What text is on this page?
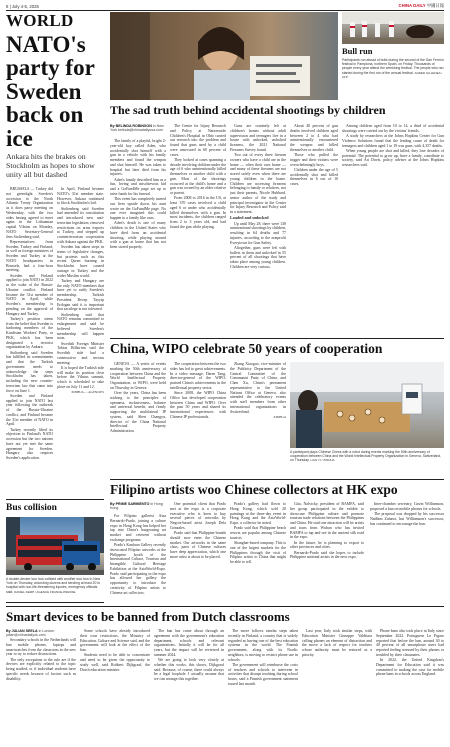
8 | July 4-5, 2025	CHINA DAILY 中國日報
WORLD
NATO's party for Sweden back on ice
Ankara hits the brakes on Stockholm as hopes to show unity all but dashed

BRUSSELS — Turkey did not greenlight Sweden's accession to the North Atlantic Treaty Organization as it does party meeting on Wednesday, with the two sides having agreed to meet again in the Lithuanian capital Vilnius on Monday, NATO Secretary-General Jens Stoltenberg said.

Representatives from Sweden, Turkey and Finland, as well as foreign ministers of Sweden and Turkey at the NATO headquarters in Brussels, had a four-hour meeting.

Sweden and Finland applied to join NATO in 2022 in the wake of the Russia-Ukraine conflict. Finland became the 31st member of NATO in April, while Sweden's membership is pending on the approval of Hungary and Turkey.

Turkey's position stems from the belief that Sweden is harboring members of the Kurdistan Workers' Party, or PKK, which has been designated a terrorist organization by Ankara.

Stoltenberg said Sweden has fulfilled its commitments and that the Turkish government needs to acknowledge the steps Stockholm has taken, including the new counter-terrorism law that came into force on June 1.

Sweden and Finland applied to join NATO last year following the outbreak of the Russia-Ukraine conflict, and Finland became the 31st member of NATO in April.

Turkey recently lifted its objection to Finland's NATO accession but the two nations have not yet met the same agreement for Sweden. Hungary also requires Sweden's application.

In April, Finland became NATO's 31st member state. However, Ankara continued to block Stockholm's bid.

Stoltenberg said Sweden had amended its constitution and introduced new anti-terrorism legislation, removed restrictions on arms exports to Turkey, and stepped up counterterrorism cooperation with Ankara against the PKK.

Sweden has taken steps in terms of legislative changes, but protests such as this recent Quran burning in Stockholm have caused outrage in Turkey and the wider Muslim world.

Turkey and Hungary are the only NATO members that have yet to ratify Sweden's membership. Turkish President Recep Tayyip Erdogan said it is important that sacrilege is not tolerated.

Stoltenberg said that NATO remains committed to enlargement and said he believed Sweden's membership will happen soon.

Swedish Foreign Minister Tobias Billström said the Swedish side had a constructive and serious meeting.

It is hoped the Turkish side will make its position clear before the Vilnius summit, which is scheduled to take place on July 11 and 12.

XINHUA — AGENCIES

Bus collision
A double-decker tour bus collided with another tour bus in New York on Thursday, wounding dozens and sending at least 20 to hospital with non-life-threatening injuries, emergency officials said. DANIEL KEMP / AGENCE FRANCE-PRESSE
Bull run
Participants run ahead of bulls during the second of the San Fermín festival in Pamplona, northern Spain, on Friday. Thousands of people every year attend the weeklong festival. The people who ran started during the first run of the annual festival. ANDER GILLENEA / AFP
The sad truth behind accidental shootings by children
By BELINDA ROBINSON in New York belinda@chinadailyusa.com

The family of a playful, bright 2-year-old boy called Aden, who accidentally shot himself with a gun in a vehicle with his family members and found the weapon and shot himself. He was taken to hospital but later died from his injuries.

Aden's family described him as a fun, loving and mischievous kid and a GoFundMe page set up to raise funds for his funeral.

This event has completely turned our lives upside down, his aunt wrote on the GoFundMe page. No one ever imagined this could happen to a family like ours.

Aden's death is one of many children in the United States who have died from an accidental shooting, while playing around with a gun at home that has not been stored properly.

The Centre for Injury Research and Policy at Nationwide Children's Hospital in Ohio carried out research into the problem and found that guns used by a child were unsecured in 60 percent of cases.

They looked at cases spanning a decade involving children under the age of 6 who unintentionally killed themselves or another child with a gun. Most of the shootings occurred at the child's home and a gun was owned by an older relative or parent.

From 2008 to 2016 in the US, at least 370 cases involved a child aged 6 or under who accidentally killed themselves with a gun. In most incidents, the children ranged from 2 to 3 years old, and had found the gun while playing.

Guns are routinely left at children's homes without adult supervision and teenagers live in a house with unlocked, unlocked firearms, the 2021 National Firearms Survey found.

Two out of every three firearm owners who have a child are in the home — often their own home — and many of these firearms are not stored safely even when there are young children in the home. Children are accessing firearms belonging to family or relatives, not just their parents, Nicole Hubbard, senior author of the study and principal investigator in the Center for Injury Research and Policy said in a statement.

Loaded and unlocked

Up until May 28, there were 138 unintentional shootings by children, resulting in 64 deaths and 77 injuries, according to the nonprofit Everytown for Gun Safety.

Altogether, guns were left with bullets in them and unlocked in 55 percent of all shootings that have taken place among young children. Children are very curious.

About 40 percent of gun deaths involved children aged between 2 to 4 who had unintentionally encountered the weapon and killed themselves or another child.

Those who pulled the trigger and their victims were overwhelmingly boys.

Children under the age of 5 accidentally shot and killed themselves in 6 out of 10 cases.

Among children aged from 10 to 14, a third of accidental shootings were carried out by the victims' friends.

A study by researchers at the Johns Hopkins Center for Gun Violence Solutions found that the leading cause of death for teenagers and children aged 1 to 19 was guns, with 4,357 deaths.

When young people are shot and killed, they lose decades of potential. The potential to grow up, have a family, contribute to society, said Ari Davis, policy adviser at the Johns Hopkins researchers said.

China, WIPO celebrate 50 years of cooperation

GENEVA — A series of events marking the 50th anniversary of cooperation between China and the World Intellectual Property Organization, or WIPO, were held on Thursday in Geneva.

Over the years, China has been sticking to the principles of openness, inclusiveness, balance and universal benefit, and firmly supporting the multilateral IP system, said Shen Changyu, director of the China National Intellectual Property Administration.

The cooperation between the two sides has led to great achievements. In a video message, Daren Tang, director-general of the WIPO, praised China's achievements in the intellectual property sector.

Since 2008, the WIPO China Office has developed cooperation between China and WIPO. Over the past 50 years and shared its international experiences with Chinese IP professionals.

Zhang Xiaoguo, vice-minister of the Publicity Department of the Central Committee of the Communist Party of China, and Chen Xu, China's permanent representative to the United Nations Office at Geneva, also attended the celebratory events with staff members from other international organizations in Switzerland.

XINHUA

A participant plays Chinese Chess with a robot during events marking the 50th anniversary of cooperation between China and the World Intellectual Property Organization in Geneva, Switzerland, on Thursday. LIAN YI / XINHUA
Filipino artists woo Chinese collectors at HK expo
By PRIME SARMIENTO in Hong Kong

For Filipino gallerist Aiza Bernardo-Prado, joining a culture expo in Hong Kong has helped her tap into China's burgeoning art market and reinvent without exchange programs.

Prado's Kanlaon Gallery recently showcased Filipino artworks at the Philippine booth of the International Culture, Tourism and Intangible Cultural Heritage Exhibition at the AsiaWorld-Expo. Prado said participating in the expo has allowed her gallery the opportunity to introduce the creativity of Filipino artists to Chinese art collectors.

One potential client that Prado met at the expo is a corporate executive who is keen to buy several pieces of artworks by Negros-based artist Joseph Dela Gonzales.

Prado said that Philippine brands should now enter the Chinese market. Our artworks in the same class, parts of Chinese cultures have deep appreciation, which one more artist is about to be placed.

Prado's gallery had flown to Hong Kong, which sold 20 paintings at the three-day event in Hong Kong and the AsiaWorld-Expo, a collector he noted.

Prado said that Philippine beach resorts are popular among Chinese tourists.

Shanghai-based company. This is one of the largest markets for the Philippines through the visit of Filipino artists to China that might be able to tell.

Gita, Nalvicky, president of BAMFA, said her group participated in the exhibit to showcase Philippine culture and promote tourism trade relations between the Philippines and China. He said one attraction will be artists and tours from Wuhan who has invited BAMFA to tap and see in the ancient silk road in the expo.

In the future, he is planning to export to other provinces and cities.

Bernardo-Prado said she hopes to include Philippine national artists in the next expo.

Inter-chamber secretary, Gavin Williamson, proposed a ban on mobile phones for schools.

The proposal was dropped by his successor Nadhim Zahawi, but Williamson's successor, has continued to encourage the ban.

Smart devices to be banned from Dutch classrooms
By JULIAN SEELA in London julian@chinadailyuk.com

Secondary schools in the Netherlands will ban mobile phones, laptops and smartwatches from the classroom in the new year to try to reduce distractions.

The only exceptions to the rule are if the devices are explicitly related to the topic being studied, or if individual students have specific needs because of factors such as disability.

Some schools have already introduced their own restrictions, the Ministry of Education, Culture and Science said, and the government will look at the effect of the ban.

Students need to be able to concentrate and need to be given the opportunity to study well, said Robbert Dijkgraaf, the Dutch education minister.

The ban has come about through an agreement with the government's education department, schools and relevant organizations. Initially it will be for all years, but the impact will be reviewed in summer 2024.

We are going to look very closely at whether this works, this shows, Dijkgraaf said. Because, of course, there could always be a legal loophole. I actually assume that we can arrange this together.

The move follows similar steps taken recently in Finland, a country that is widely regarded as having one of the best education systems in the world. The Finnish government, along with its Nordic neighbors, is moving to restrict phone use in schools.

The government will reimburse the costs of teachers and schools to intervene in activities that disrupt teaching during school hours, said a Finnish government statement issued last month.

Last year, Italy took similar steps, with Education Minister Giuseppe Valditara calling phones an element of distraction and the move a lack of respect for teachers whose authority must be restored as a priority.

Phone bans also took place in Italy since September 2022. Portuguese Le Figaro reported that before the ban, around 30 to 40 percent of all smartphone users had reported feeling stressed by their phones or troubled by their classmates.

In 2022, the United Kingdom's Department for Education said it was committed to making the case for mobile phone bans in schools across England.
